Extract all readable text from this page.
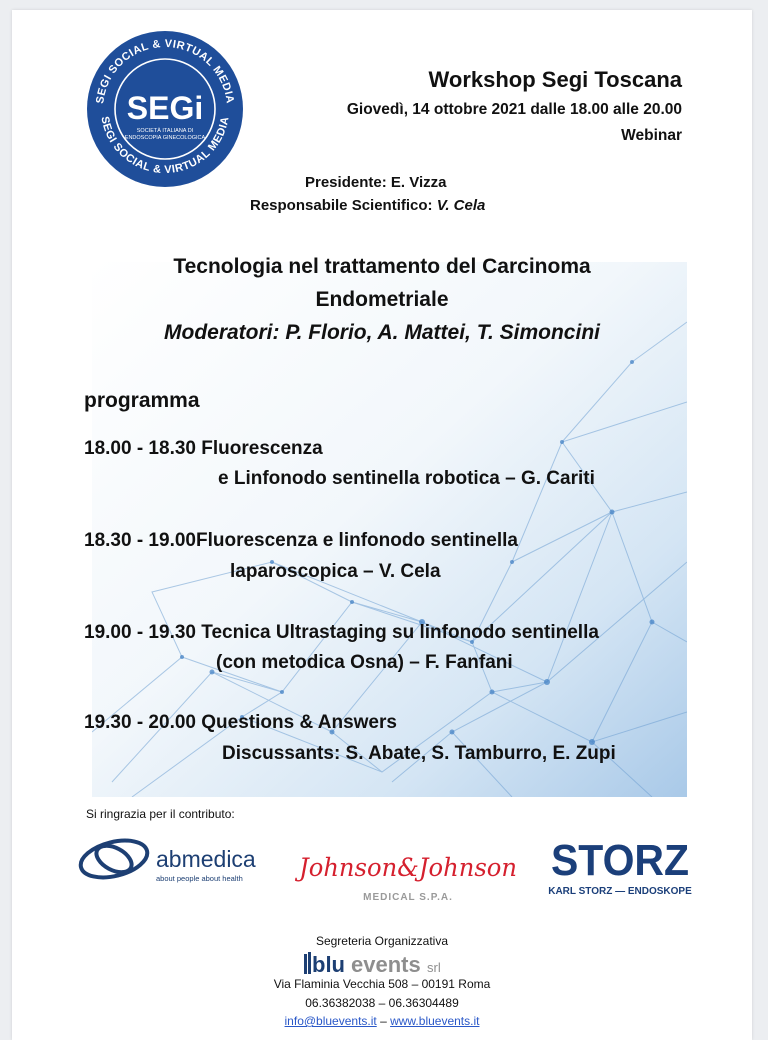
SEGI SOCIAL & VIRTUAL MEDIA
SEGI SOCIAL & VIRTUAL MEDIA
SEGi
SOCIETÀ ITALIANA DI
ENDOSCOPIA GINECOLOGICA
Workshop Segi Toscana
Giovedì, 14 ottobre 2021 dalle 18.00 alle 20.00
Webinar
Presidente: E. Vizza
Responsabile Scientifico: V. Cela
Tecnologia nel trattamento del Carcinoma
Endometriale
Moderatori: P. Florio, A. Mattei, T. Simoncini
programma
18.00 - 18.30 Fluorescenza
e Linfonodo sentinella robotica – G. Cariti
18.30 - 19.00Fluorescenza e linfonodo sentinella
laparoscopica – V. Cela
19.00 - 19.30 Tecnica Ultrastaging su linfonodo sentinella
(con metodica Osna) – F. Fanfani
19.30 - 20.00 Questions & Answers
Discussants: S. Abate, S. Tamburro, E. Zupi
Si ringrazia per il contributo:
abmedica
about people about health Johnson&Johnson
MEDICAL S.P.A.
STORZ
KARL STORZ — ENDOSKOPE
Segreteria Organizzativa
blu events srl
Via Flaminia Vecchia 508 – 00191 Roma
06.36382038 – 06.36304489
info@bluevents.it – www.bluevents.it
